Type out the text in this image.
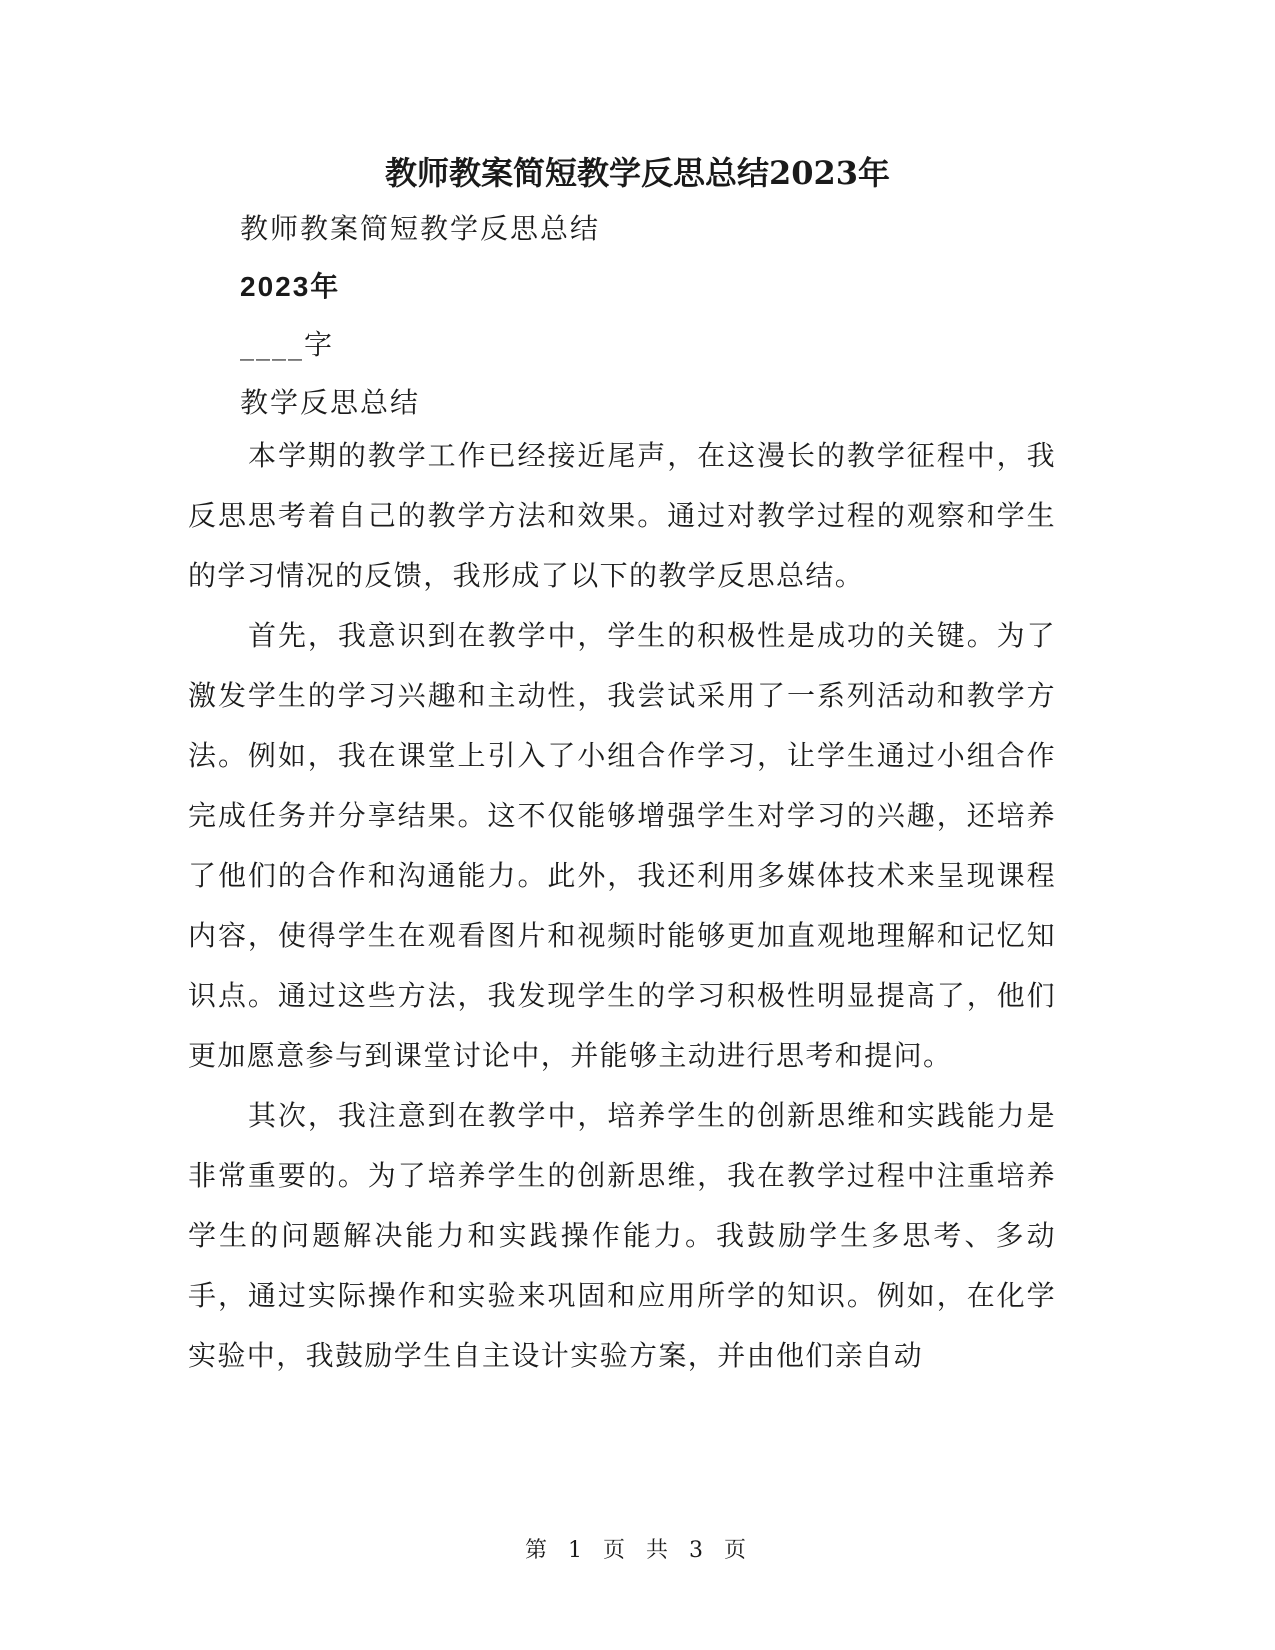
教师教案简短教学反思总结2023年
教师教案简短教学反思总结
2023年
____字
教学反思总结

本学期的教学工作已经接近尾声，在这漫长的教学征程中，我反思思考着自己的教学方法和效果。通过对教学过程的观察和学生的学习情况的反馈，我形成了以下的教学反思总结。

首先，我意识到在教学中，学生的积极性是成功的关键。为了激发学生的学习兴趣和主动性，我尝试采用了一系列活动和教学方法。例如，我在课堂上引入了小组合作学习，让学生通过小组合作完成任务并分享结果。这不仅能够增强学生对学习的兴趣，还培养了他们的合作和沟通能力。此外，我还利用多媒体技术来呈现课程内容，使得学生在观看图片和视频时能够更加直观地理解和记忆知识点。通过这些方法，我发现学生的学习积极性明显提高了，他们更加愿意参与到课堂讨论中，并能够主动进行思考和提问。

其次，我注意到在教学中，培养学生的创新思维和实践能力是非常重要的。为了培养学生的创新思维，我在教学过程中注重培养学生的问题解决能力和实践操作能力。我鼓励学生多思考、多动手，通过实际操作和实验来巩固和应用所学的知识。例如，在化学实验中，我鼓励学生自主设计实验方案，并由他们亲自动

第 1 页 共 3 页
